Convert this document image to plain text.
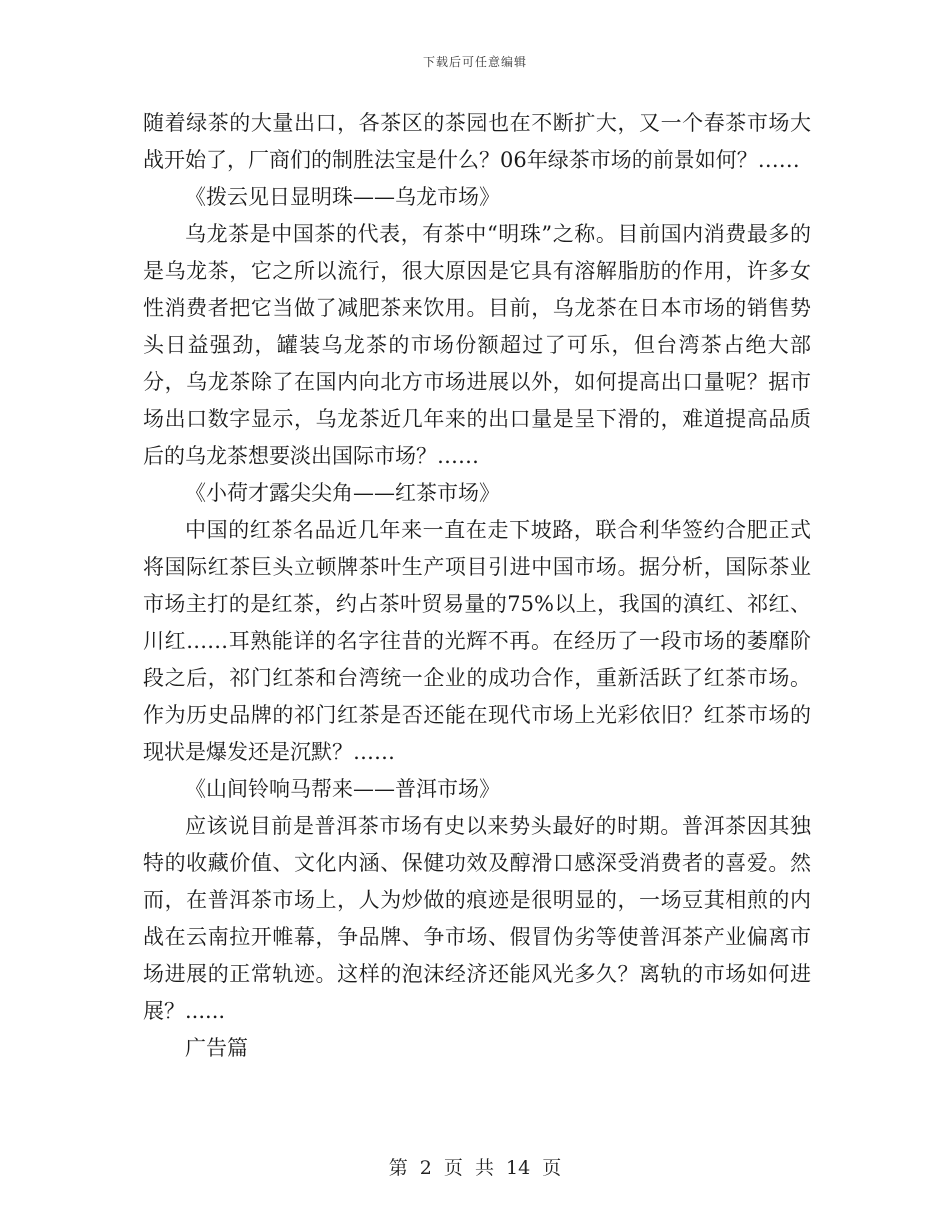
下载后可任意编辑

随着绿茶的大量出口，各茶区的茶园也在不断扩大，又一个春茶市场大战开始了，厂商们的制胜法宝是什么？06年绿茶市场的前景如何？……

《拨云见日显明珠——乌龙市场》

乌龙茶是中国茶的代表，有茶中“明珠”之称。目前国内消费最多的是乌龙茶，它之所以流行，很大原因是它具有溶解脂肪的作用，许多女性消费者把它当做了减肥茶来饮用。目前，乌龙茶在日本市场的销售势头日益强劲，罐装乌龙茶的市场份额超过了可乐，但台湾茶占绝大部分，乌龙茶除了在国内向北方市场进展以外，如何提高出口量呢？据市场出口数字显示，乌龙茶近几年来的出口量是呈下滑的，难道提高品质后的乌龙茶想要淡出国际市场？……

《小荷才露尖尖角——红茶市场》

中国的红茶名品近几年来一直在走下坡路，联合利华签约合肥正式将国际红茶巨头立顿牌茶叶生产项目引进中国市场。据分析，国际茶业市场主打的是红茶，约占茶叶贸易量的75%以上，我国的滇红、祁红、川红……耳熟能详的名字往昔的光辉不再。在经历了一段市场的萎靡阶段之后，祁门红茶和台湾统一企业的成功合作，重新活跃了红茶市场。作为历史品牌的祁门红茶是否还能在现代市场上光彩依旧？红茶市场的现状是爆发还是沉默？……

《山间铃响马帮来——普洱市场》

应该说目前是普洱茶市场有史以来势头最好的时期。普洱茶因其独特的收藏价值、文化内涵、保健功效及醇滑口感深受消费者的喜爱。然而，在普洱茶市场上，人为炒做的痕迹是很明显的，一场豆萁相煎的内战在云南拉开帷幕，争品牌、争市场、假冒伪劣等使普洱茶产业偏离市场进展的正常轨迹。这样的泡沫经济还能风光多久？离轨的市场如何进展？......

广告篇

第 2 页 共 14 页
